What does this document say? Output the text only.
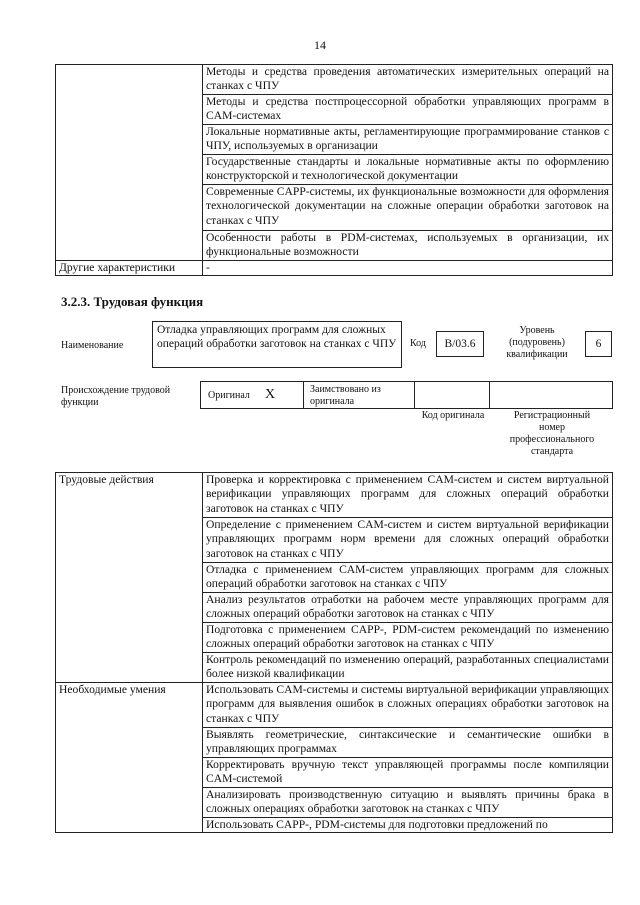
14
	Методы и средства проведения автоматических измерительных операций на станках с ЧПУ
	Методы и средства постпроцессорной обработки управляющих программ в CAM-системах
	Локальные нормативные акты, регламентирующие программирование станков с ЧПУ, используемых в организации
	Государственные стандарты и локальные нормативные акты по оформлению конструкторской и технологической документации
	Современные CAPP-системы, их функциональные возможности для оформления технологической документации на сложные операции обработки заготовок на станках с ЧПУ
	Особенности работы в PDM-системах, используемых в организации, их функциональные возможности
Другие характеристики	-
3.2.3. Трудовая функция
Наименование
Отладка управляющих программ для сложных операций обработки заготовок на станках с ЧПУ	Код	B/03.6
Уровень (подуровень) квалификации
6
Происхождение трудовой функции
Оригинал X	Заимствовано из оригинала
Код оригинала	Регистрационный номер профессионального стандарта
Трудовые действия	Проверка и корректировка с применением CAM-систем и систем виртуальной верификации управляющих программ для сложных операций обработки заготовок на станках с ЧПУ
	Определение с применением CAM-систем и систем виртуальной верификации управляющих программ норм времени для сложных операций обработки заготовок на станках с ЧПУ
	Отладка с применением CAM-систем управляющих программ для сложных операций обработки заготовок на станках с ЧПУ
	Анализ результатов отработки на рабочем месте управляющих программ для сложных операций обработки заготовок на станках с ЧПУ
	Подготовка с применением CAPP-, PDM-систем рекомендаций по изменению сложных операций обработки заготовок на станках с ЧПУ
	Контроль рекомендаций по изменению операций, разработанных специалистами более низкой квалификации
Необходимые умения	Использовать CAM-системы и системы виртуальной верификации управляющих программ для выявления ошибок в сложных операциях обработки заготовок на станках с ЧПУ
	Выявлять геометрические, синтаксические и семантические ошибки в управляющих программах
	Корректировать вручную текст управляющей программы после компиляции CAM-системой
	Анализировать производственную ситуацию и выявлять причины брака в сложных операциях обработки заготовок на станках с ЧПУ
	Использовать CAPP-, PDM-системы для подготовки предложений по
